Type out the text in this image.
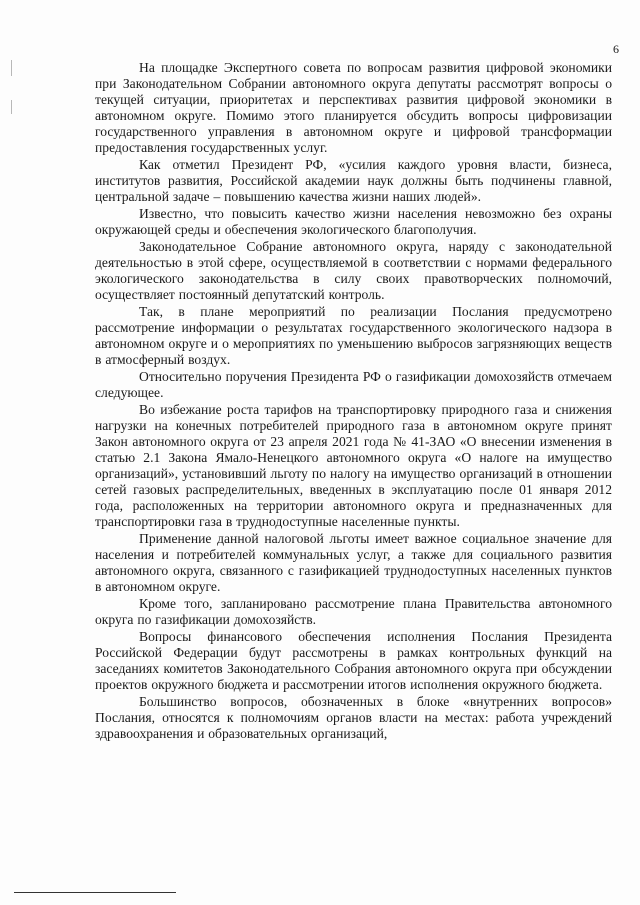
6

На площадке Экспертного совета по вопросам развития цифровой экономики при Законодательном Собрании автономного округа депутаты рассмотрят вопросы о текущей ситуации, приоритетах и перспективах развития цифровой экономики в автономном округе. Помимо этого планируется обсудить вопросы цифровизации государственного управления в автономном округе и цифровой трансформации предоставления государственных услуг.

Как отметил Президент РФ, «усилия каждого уровня власти, бизнеса, институтов развития, Российской академии наук должны быть подчинены главной, центральной задаче – повышению качества жизни наших людей».

Известно, что повысить качество жизни населения невозможно без охраны окружающей среды и обеспечения экологического благополучия.

Законодательное Собрание автономного округа, наряду с законодательной деятельностью в этой сфере, осуществляемой в соответствии с нормами федерального экологического законодательства в силу своих правотворческих полномочий, осуществляет постоянный депутатский контроль.

Так, в плане мероприятий по реализации Послания предусмотрено рассмотрение информации о результатах государственного экологического надзора в автономном округе и о мероприятиях по уменьшению выбросов загрязняющих веществ в атмосферный воздух.

Относительно поручения Президента РФ о газификации домохозяйств отмечаем следующее.

Во избежание роста тарифов на транспортировку природного газа и снижения нагрузки на конечных потребителей природного газа в автономном округе принят Закон автономного округа от 23 апреля 2021 года № 41-ЗАО «О внесении изменения в статью 2.1 Закона Ямало-Ненецкого автономного округа «О налоге на имущество организаций», установивший льготу по налогу на имущество организаций в отношении сетей газовых распределительных, введенных в эксплуатацию после 01 января 2012 года, расположенных на территории автономного округа и предназначенных для транспортировки газа в труднодоступные населенные пункты.

Применение данной налоговой льготы имеет важное социальное значение для населения и потребителей коммунальных услуг, а также для социального развития автономного округа, связанного с газификацией труднодоступных населенных пунктов в автономном округе.

Кроме того, запланировано рассмотрение плана Правительства автономного округа по газификации домохозяйств.

Вопросы финансового обеспечения исполнения Послания Президента Российской Федерации будут рассмотрены в рамках контрольных функций на заседаниях комитетов Законодательного Собрания автономного округа при обсуждении проектов окружного бюджета и рассмотрении итогов исполнения окружного бюджета.

Большинство вопросов, обозначенных в блоке «внутренних вопросов» Послания, относятся к полномочиям органов власти на местах: работа учреждений здравоохранения и образовательных организаций,
